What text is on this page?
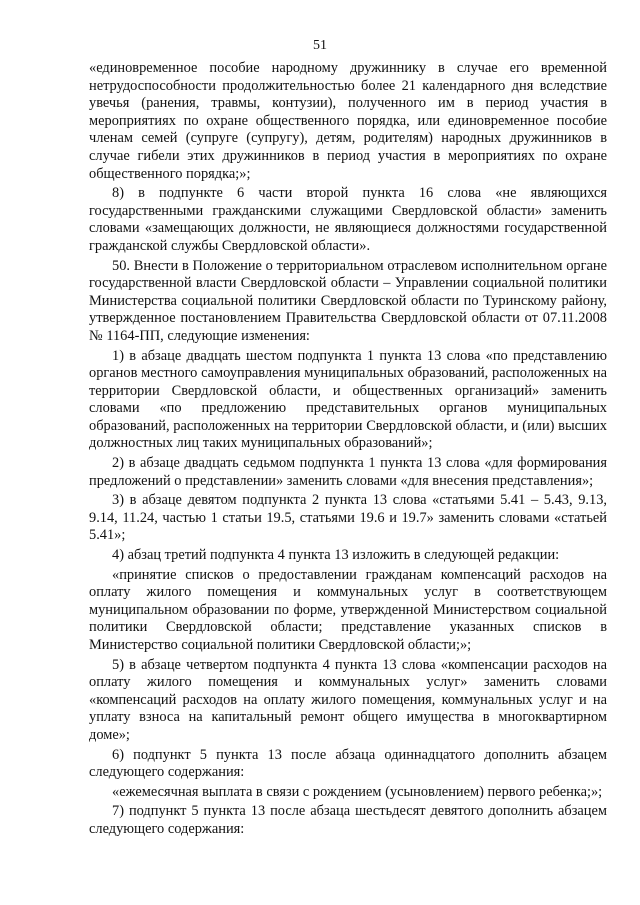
51

«единовременное пособие народному дружиннику в случае его временной нетрудоспособности продолжительностью более 21 календарного дня вследствие увечья (ранения, травмы, контузии), полученного им в период участия в мероприятиях по охране общественного порядка, или единовременное пособие членам семей (супруге (супругу), детям, родителям) народных дружинников в случае гибели этих дружинников в период участия в мероприятиях по охране общественного порядка;»;

8) в подпункте 6 части второй пункта 16 слова «не являющихся государственными гражданскими служащими Свердловской области» заменить словами «замещающих должности, не являющиеся должностями государственной гражданской службы Свердловской области».

50. Внести в Положение о территориальном отраслевом исполнительном органе государственной власти Свердловской области – Управлении социальной политики Министерства социальной политики Свердловской области по Туринскому району, утвержденное постановлением Правительства Свердловской области от 07.11.2008 № 1164-ПП, следующие изменения:

1) в абзаце двадцать шестом подпункта 1 пункта 13 слова «по представлению органов местного самоуправления муниципальных образований, расположенных на территории Свердловской области, и общественных организаций» заменить словами «по предложению представительных органов муниципальных образований, расположенных на территории Свердловской области, и (или) высших должностных лиц таких муниципальных образований»;

2) в абзаце двадцать седьмом подпункта 1 пункта 13 слова «для формирования предложений о представлении» заменить словами «для внесения представления»;

3) в абзаце девятом подпункта 2 пункта 13 слова «статьями 5.41 – 5.43, 9.13, 9.14, 11.24, частью 1 статьи 19.5, статьями 19.6 и 19.7» заменить словами «статьей 5.41»;

4) абзац третий подпункта 4 пункта 13 изложить в следующей редакции:

«принятие списков о предоставлении гражданам компенсаций расходов на оплату жилого помещения и коммунальных услуг в соответствующем муниципальном образовании по форме, утвержденной Министерством социальной политики Свердловской области; представление указанных списков в Министерство социальной политики Свердловской области;»;

5) в абзаце четвертом подпункта 4 пункта 13 слова «компенсации расходов на оплату жилого помещения и коммунальных услуг» заменить словами «компенсаций расходов на оплату жилого помещения, коммунальных услуг и на уплату взноса на капитальный ремонт общего имущества в многоквартирном доме»;

6) подпункт 5 пункта 13 после абзаца одиннадцатого дополнить абзацем следующего содержания:

«ежемесячная выплата в связи с рождением (усыновлением) первого ребенка;»;

7) подпункт 5 пункта 13 после абзаца шестьдесят девятого дополнить абзацем следующего содержания:
